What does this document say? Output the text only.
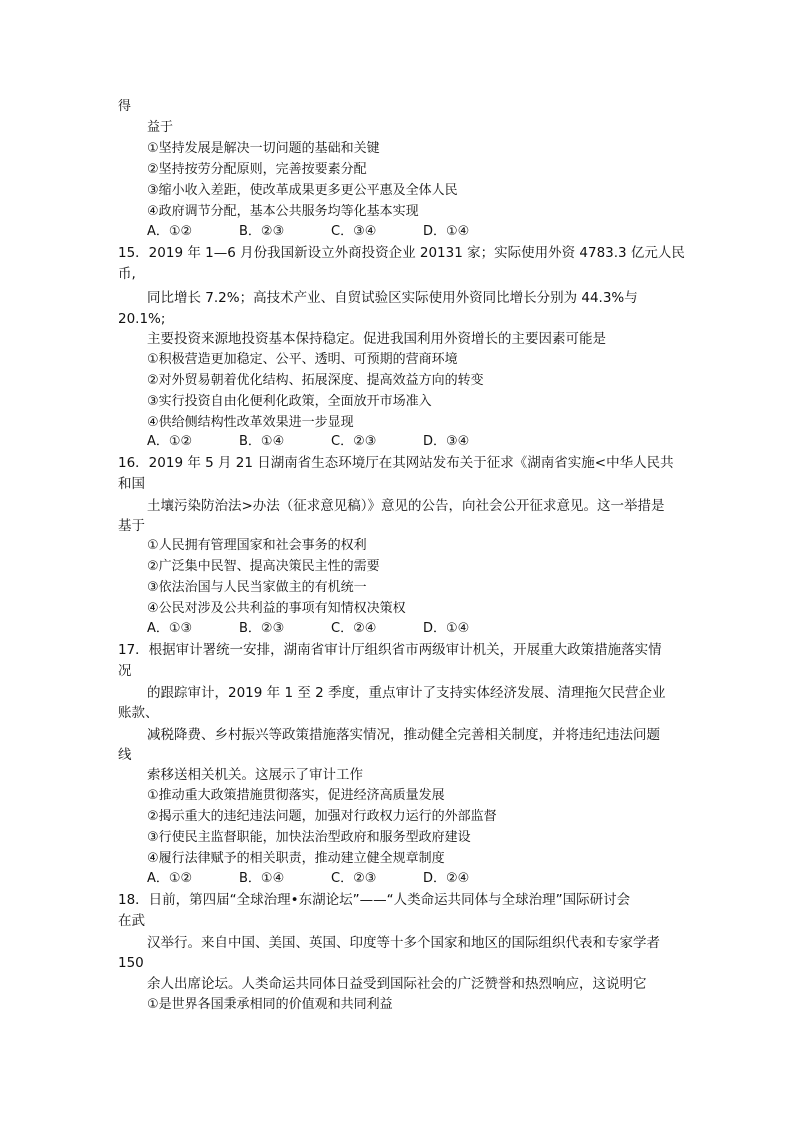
得
益于
①坚持发展是解决一切问题的基础和关键
②坚持按劳分配原则，完善按要素分配
③缩小收入差距，使改革成果更多更公平惠及全体人民
④政府调节分配，基本公共服务均等化基本实现
A．①②	B．②③	C．③④	D．①④
15．2019 年 1—6 月份我国新设立外商投资企业 20131 家；实际使用外资 4783.3 亿元人民
币,
同比增长 7.2%；高技术产业、自贸试验区实际使用外资同比增长分别为 44.3%与
20.1%;
主要投资来源地投资基本保持稳定。促进我国利用外资增长的主要因素可能是
①积极营造更加稳定、公平、透明、可预期的营商环境
②对外贸易朝着优化结构、拓展深度、提高效益方向的转变
③实行投资自由化便利化政策，全面放开市场准入
④供给侧结构性改革效果进一步显现
A．①②	B．①④	C．②③	D．③④
16．2019 年 5 月 21 日湖南省生态环境厅在其网站发布关于征求《湖南省实施<中华人民共
和国
土壤污染防治法>办法（征求意见稿）》意见的公告，向社会公开征求意见。这一举措是
基于
①人民拥有管理国家和社会事务的权利
②广泛集中民智、提高决策民主性的需要
③依法治国与人民当家做主的有机统一
④公民对涉及公共利益的事项有知情权决策权
A．①③	B．②③	C．②④	D．①④
17．根据审计署统一安排，湖南省审计厅组织省市两级审计机关，开展重大政策措施落实情
况
的跟踪审计，2019 年 1 至 2 季度，重点审计了支持实体经济发展、清理拖欠民营企业
账款、
减税降费、乡村振兴等政策措施落实情况，推动健全完善相关制度，并将违纪违法问题
线
索移送相关机关。这展示了审计工作
①推动重大政策措施贯彻落实，促进经济高质量发展
②揭示重大的违纪违法问题，加强对行政权力运行的外部监督
③行使民主监督职能，加快法治型政府和服务型政府建设
④履行法律赋予的相关职责，推动建立健全规章制度
A．①②	B．①④	C．②③	D．②④
18．日前，第四届“全球治理•东湖论坛”——“人类命运共同体与全球治理”国际研讨会
在武
汉举行。来自中国、美国、英国、印度等十多个国家和地区的国际组织代表和专家学者
150
余人出席论坛。人类命运共同体日益受到国际社会的广泛赞誉和热烈响应，这说明它
①是世界各国秉承相同的价值观和共同利益
